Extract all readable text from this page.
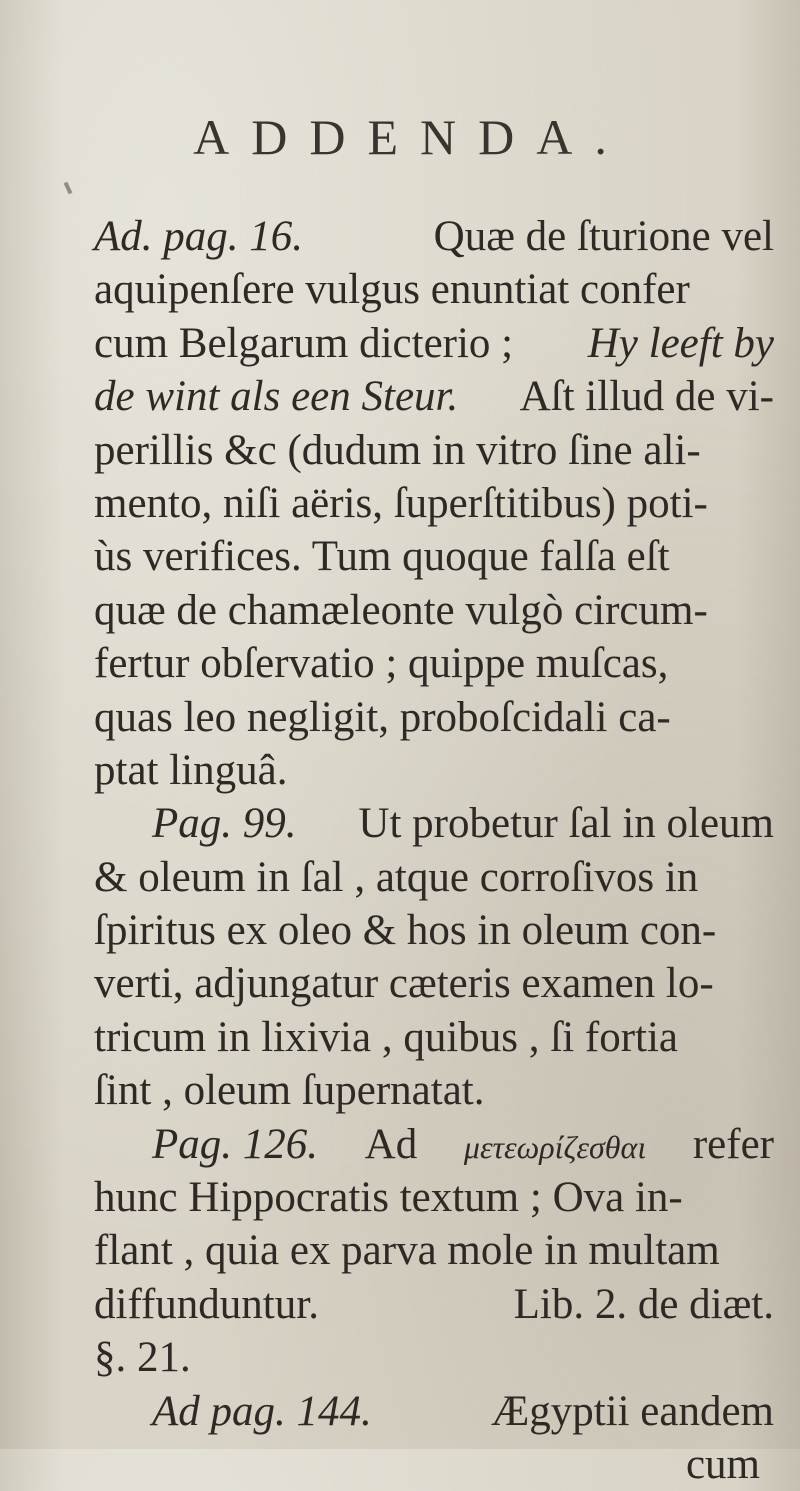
ADDENDA.
Ad. pag. 16.	Quæ de ſturione vel
aquipenſere vulgus enuntiat confer
cum Belgarum dicterio ; Hy leeft by
de wint als een Steur. Aſt illud de vi-
perillis &c (dudum in vitro ſine ali-
mento, niſi aëris, ſuperſtitibus) poti-
ùs verifices. Tum quoque falſa eſt
quæ de chamæleonte vulgò circum-
fertur obſervatio ; quippe muſcas,
quas leo negligit, proboſcidali ca-
ptat linguâ.
Pag. 99. Ut probetur ſal in oleum
& oleum in ſal , atque corroſivos in
ſpiritus ex oleo & hos in oleum con-
verti, adjungatur cæteris examen lo-
tricum in lixivia , quibus , ſi fortia
ſint , oleum ſupernatat.
Pag. 126. Ad μετεωρίζεσθαι refer
hunc Hippocratis textum ; Ova in-
flant , quia ex parva mole in multam
diffunduntur.	Lib. 2. de diæt.
§. 21.
Ad pag. 144.	Ægyptii eandem
cum
